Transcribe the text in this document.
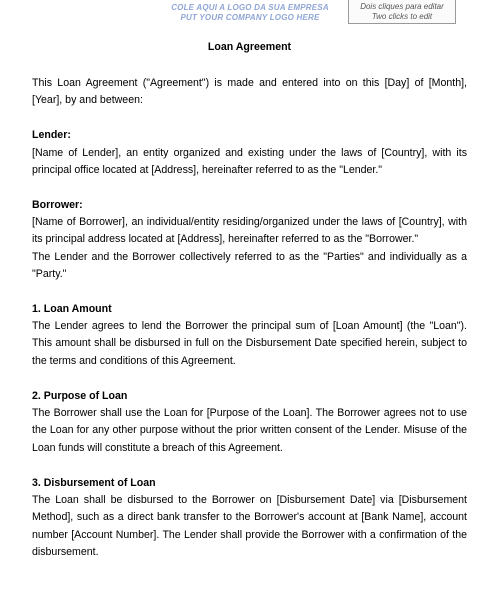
COLE AQUI A LOGO DA SUA EMPRESA
PUT YOUR COMPANY LOGO HERE
Dois cliques para editar
Two clicks to edit
Loan Agreement
This Loan Agreement ("Agreement") is made and entered into on this [Day] of [Month], [Year], by and between:
Lender:
[Name of Lender], an entity organized and existing under the laws of [Country], with its principal office located at [Address], hereinafter referred to as the "Lender."
Borrower:
[Name of Borrower], an individual/entity residing/organized under the laws of [Country], with its principal address located at [Address], hereinafter referred to as the "Borrower."
The Lender and the Borrower collectively referred to as the "Parties" and individually as a "Party."
1. Loan Amount
The Lender agrees to lend the Borrower the principal sum of [Loan Amount] (the "Loan"). This amount shall be disbursed in full on the Disbursement Date specified herein, subject to the terms and conditions of this Agreement.
2. Purpose of Loan
The Borrower shall use the Loan for [Purpose of the Loan]. The Borrower agrees not to use the Loan for any other purpose without the prior written consent of the Lender. Misuse of the Loan funds will constitute a breach of this Agreement.
3. Disbursement of Loan
The Loan shall be disbursed to the Borrower on [Disbursement Date] via [Disbursement Method], such as a direct bank transfer to the Borrower's account at [Bank Name], account number [Account Number]. The Lender shall provide the Borrower with a confirmation of the disbursement.
